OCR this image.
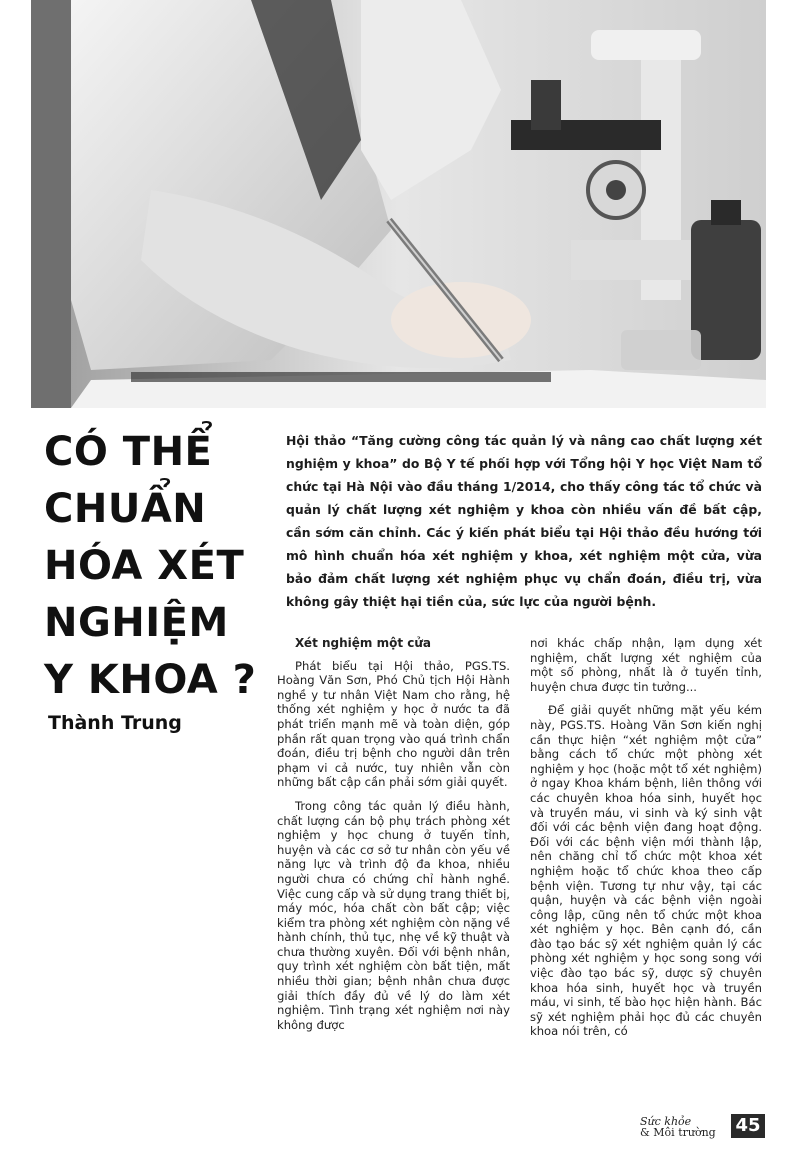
CÓ THỂ
CHUẨN
HÓA XÉT
NGHIỆM
Y KHOA ?
Thành Trung

Hội thảo “Tăng cường công tác quản lý và nâng cao chất lượng xét nghiệm y khoa” do Bộ Y tế phối hợp với Tổng hội Y học Việt Nam tổ chức tại Hà Nội vào đầu tháng 1/2014, cho thấy công tác tổ chức và quản lý chất lượng xét nghiệm y khoa còn nhiều vấn đề bất cập, cần sớm căn chỉnh. Các ý kiến phát biểu tại Hội thảo đều hướng tới mô hình chuẩn hóa xét nghiệm y khoa, xét nghiệm một cửa, vừa bảo đảm chất lượng xét nghiệm phục vụ chẩn đoán, điều trị, vừa không gây thiệt hại tiền của, sức lực của người bệnh.

Xét nghiệm một cửa

Phát biểu tại Hội thảo, PGS.TS. Hoàng Văn Sơn, Phó Chủ tịch Hội Hành nghề y tư nhân Việt Nam cho rằng, hệ thống xét nghiệm y học ở nước ta đã phát triển mạnh mẽ và toàn diện, góp phần rất quan trọng vào quá trình chẩn đoán, điều trị bệnh cho người dân trên phạm vi cả nước, tuy nhiên vẫn còn những bất cập cần phải sớm giải quyết.

Trong công tác quản lý điều hành, chất lượng cán bộ phụ trách phòng xét nghiệm y học chung ở tuyến tỉnh, huyện và các cơ sở tư nhân còn yếu về năng lực và trình độ đa khoa, nhiều người chưa có chứng chỉ hành nghề. Việc cung cấp và sử dụng trang thiết bị, máy móc, hóa chất còn bất cập; việc kiểm tra phòng xét nghiệm còn nặng về hành chính, thủ tục, nhẹ về kỹ thuật và chưa thường xuyên. Đối với bệnh nhân, quy trình xét nghiệm còn bất tiện, mất nhiều thời gian; bệnh nhân chưa được giải thích đầy đủ về lý do làm xét nghiệm. Tình trạng xét nghiệm nơi này không được

nơi khác chấp nhận, lạm dụng xét nghiệm, chất lượng xét nghiệm của một số phòng, nhất là ở tuyến tỉnh, huyện chưa được tin tưởng...

Để giải quyết những mặt yếu kém này, PGS.TS. Hoàng Văn Sơn kiến nghị cần thực hiện “xét nghiệm một cửa” bằng cách tổ chức một phòng xét nghiệm y học (hoặc một tổ xét nghiệm) ở ngay Khoa khám bệnh, liên thông với các chuyên khoa hóa sinh, huyết học và truyền máu, vi sinh và ký sinh vật đối với các bệnh viện đang hoạt động. Đối với các bệnh viện mới thành lập, nên chăng chỉ tổ chức một khoa xét nghiệm hoặc tổ chức khoa theo cấp bệnh viện. Tương tự như vậy, tại các quận, huyện và các bệnh viện ngoài công lập, cũng nên tổ chức một khoa xét nghiệm y học. Bên cạnh đó, cần đào tạo bác sỹ xét nghiệm quản lý các phòng xét nghiệm y học song song với việc đào tạo bác sỹ, dược sỹ chuyên khoa hóa sinh, huyết học và truyền máu, vi sinh, tế bào học hiện hành. Bác sỹ xét nghiệm phải học đủ các chuyên khoa nói trên, có

Sức khỏe
& Môi trường 45
